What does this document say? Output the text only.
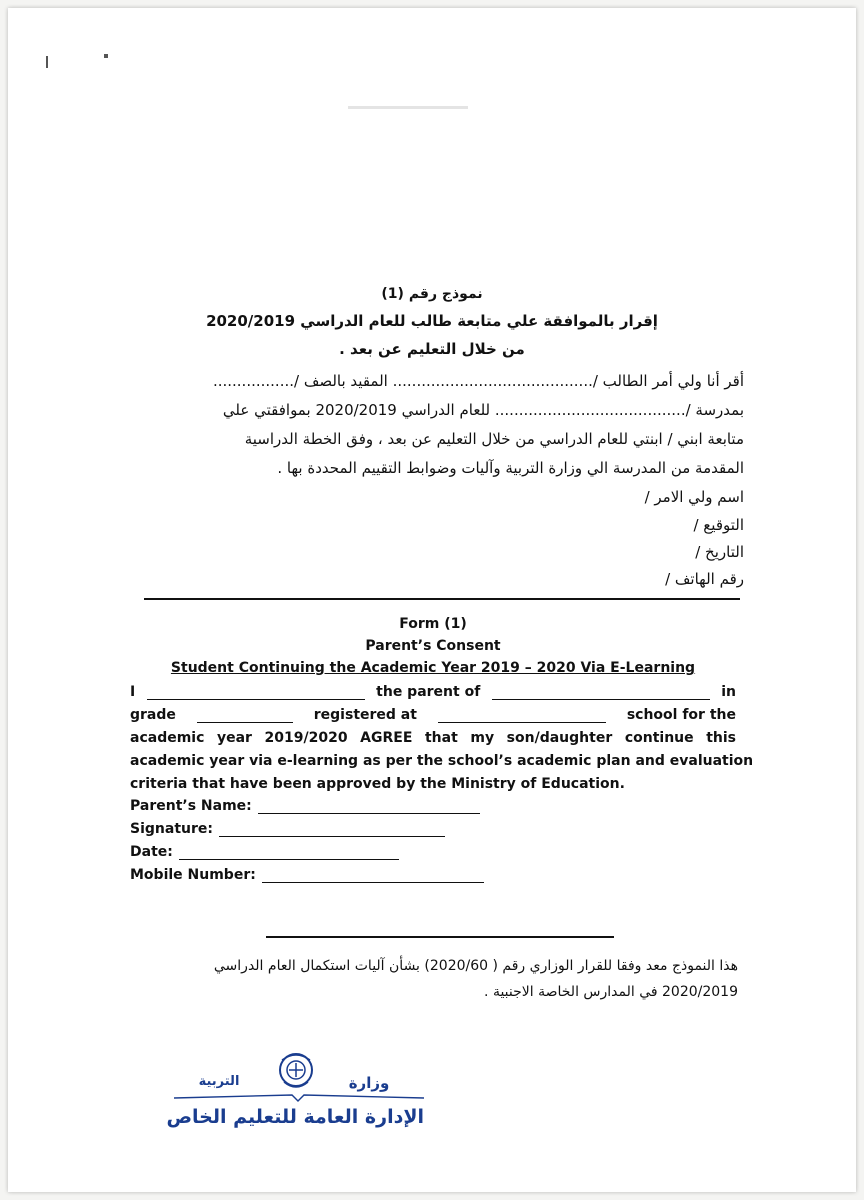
نموذج رقم (1)
إقرار بالموافقة علي متابعة طالب للعام الدراسي 2020/2019
من خلال التعليم عن بعد .
أقر أنا ولي أمر الطالب /.......................................... المقيد بالصف /.................
بمدرسة /........................................ للعام الدراسي 2020/2019 بموافقتي علي
متابعة ابني / ابنتي للعام الدراسي من خلال التعليم عن بعد ، وفق الخطة الدراسية
المقدمة من المدرسة الي وزارة التربية وآليات وضوابط التقييم المحددة بها .
اسم ولي الامر /
التوقيع /
التاريخ /
رقم الهاتف /
Form (1)
Parent’s Consent
Student Continuing the Academic Year 2019 – 2020 Via E-Learning
I	the parent of	in
grade	registered at	school for the
academic year 2019/2020 AGREE that my son/daughter continue this
academic year via e-learning as per the school’s academic plan and evaluation
criteria that have been approved by the Ministry of Education.
Parent’s Name:
Signature:
Date:
Mobile Number:
هذا النموذج معد وفقا للقرار الوزاري رقم ( 2020/60) بشأن آليات استكمال العام الدراسي
2020/2019 في المدارس الخاصة الاجنبية .
التربية	وزارة
الإدارة العامة للتعليم الخاص
